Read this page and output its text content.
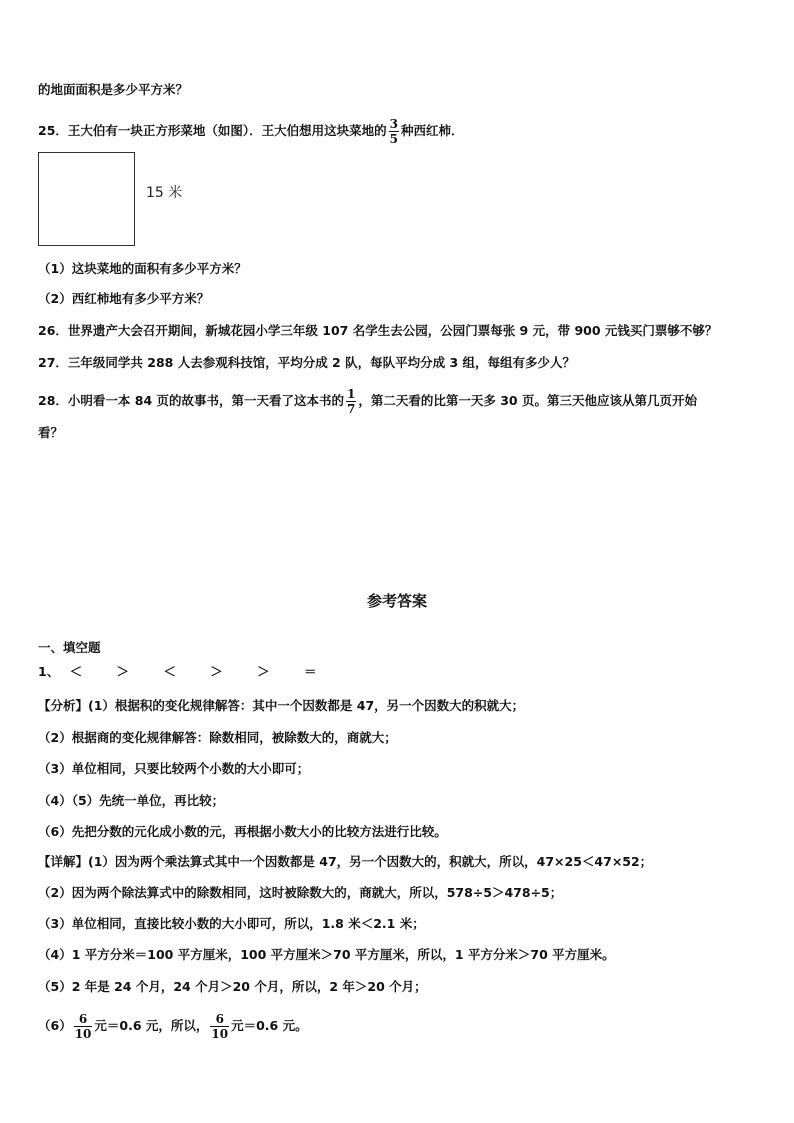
的地面面积是多少平方米？
25．王大伯有一块正方形菜地（如图）．王大伯想用这块菜地的 $\frac{3}{5}$ 种西红柿．
15 米
（1）这块菜地的面积有多少平方米？
（2）西红柿地有多少平方米？
26．世界遗产大会召开期间，新城花园小学三年级 107 名学生去公园，公园门票每张 9 元，带 900 元钱买门票够不够？
27．三年级同学共 288 人去参观科技馆，平均分成 2 队，每队平均分成 3 组，每组有多少人？
28．小明看一本 84 页的故事书，第一天看了这本书的 $\frac{1}{7}$ ，第二天看的比第一天多 30 页。第三天他应该从第几页开始
看？
参考答案
一、填空题
1、 ＜	＞	＜	＞	＞	＝
【分析】(1）根据积的变化规律解答：其中一个因数都是 47，另一个因数大的积就大；
（2）根据商的变化规律解答：除数相同，被除数大的，商就大；
（3）单位相同，只要比较两个小数的大小即可；
（4）（5）先统一单位，再比较；
（6）先把分数的元化成小数的元，再根据小数大小的比较方法进行比较。
【详解】(1）因为两个乘法算式其中一个因数都是 47，另一个因数大的，积就大，所以，47×25＜47×52；
（2）因为两个除法算式中的除数相同，这时被除数大的，商就大，所以，578÷5＞478÷5；
（3）单位相同，直接比较小数的大小即可，所以，1.8 米＜2.1 米；
（4）1 平方分米＝100 平方厘米，100 平方厘米＞70 平方厘米，所以，1 平方分米＞70 平方厘米。
（5）2 年是 24 个月，24 个月＞20 个月，所以，2 年＞20 个月；
$(6) \frac{6}{10}$ 元＝0.6 元，所以， $\frac{6}{10}$ 元＝0.6 元。
